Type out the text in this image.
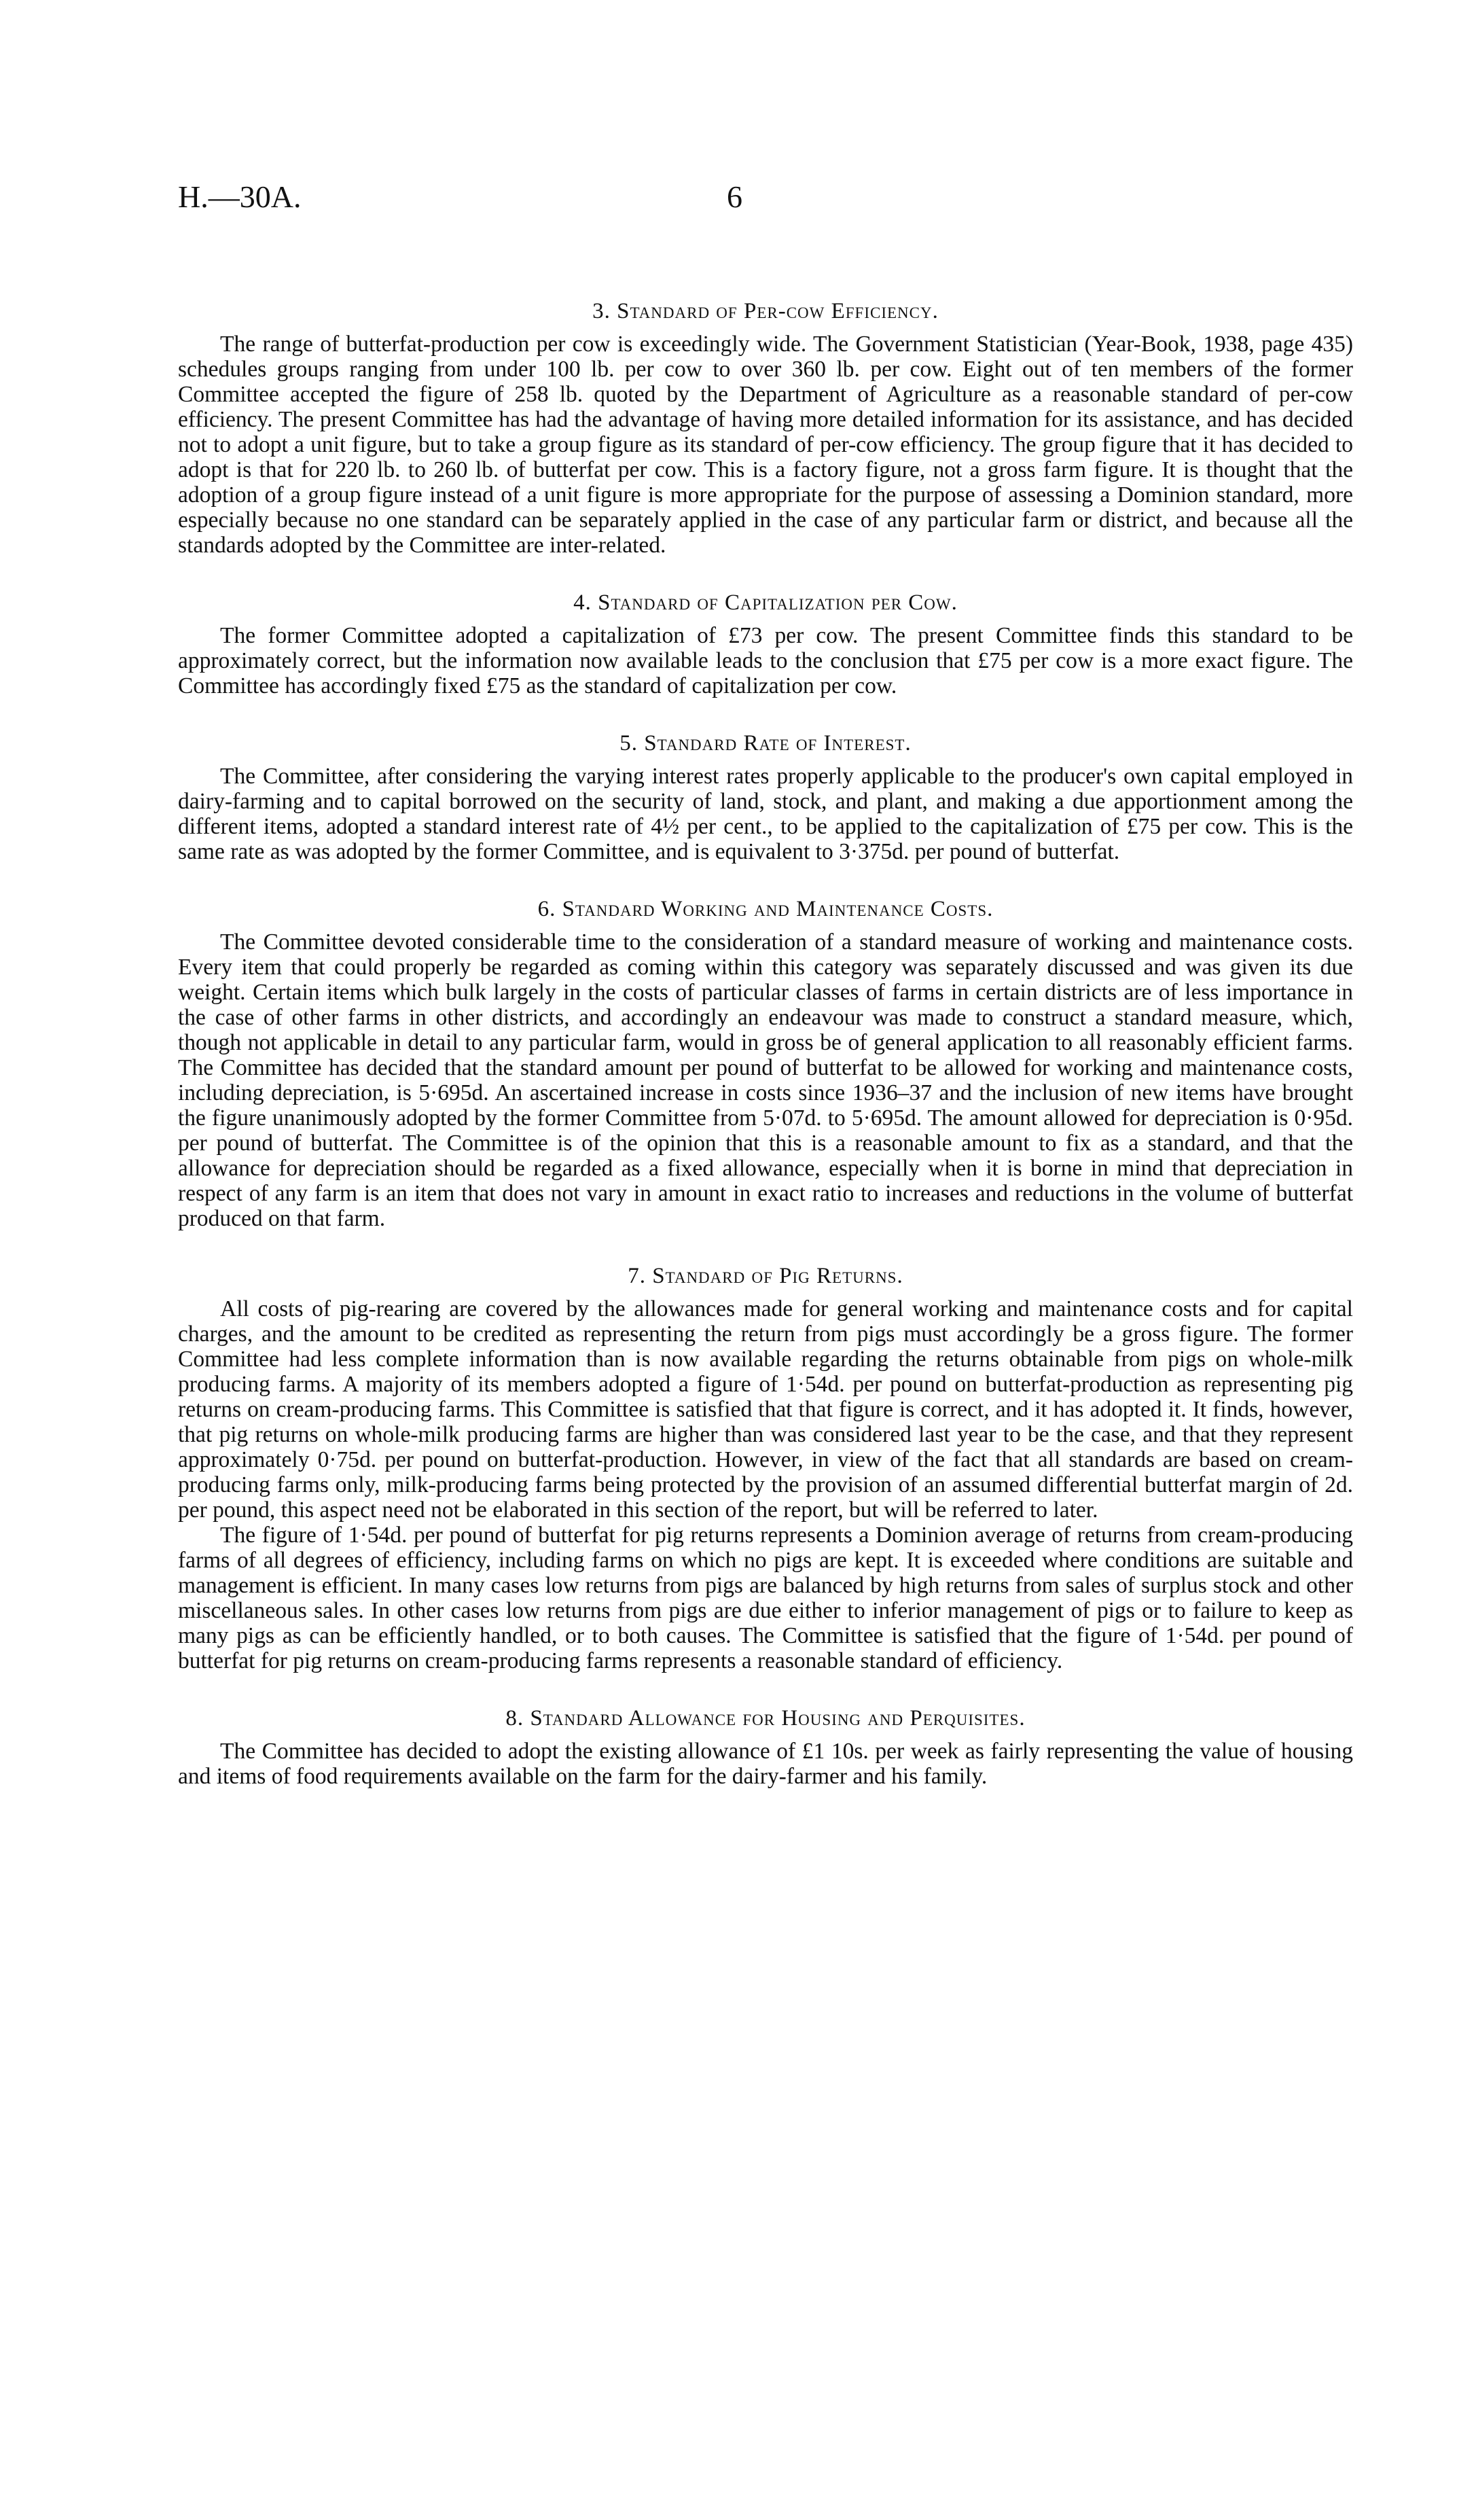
H.—30A.	6
3. Standard of Per-cow Efficiency.

The range of butterfat-production per cow is exceedingly wide. The Government Statistician (Year-Book, 1938, page 435) schedules groups ranging from under 100 lb. per cow to over 360 lb. per cow. Eight out of ten members of the former Committee accepted the figure of 258 lb. quoted by the Department of Agriculture as a reasonable standard of per-cow efficiency. The present Committee has had the advantage of having more detailed information for its assistance, and has decided not to adopt a unit figure, but to take a group figure as its standard of per-cow efficiency. The group figure that it has decided to adopt is that for 220 lb. to 260 lb. of butterfat per cow. This is a factory figure, not a gross farm figure. It is thought that the adoption of a group figure instead of a unit figure is more appropriate for the purpose of assessing a Dominion standard, more especially because no one standard can be separately applied in the case of any particular farm or district, and because all the standards adopted by the Committee are inter-related.

4. Standard of Capitalization per Cow.

The former Committee adopted a capitalization of £73 per cow. The present Committee finds this standard to be approximately correct, but the information now available leads to the conclusion that £75 per cow is a more exact figure. The Committee has accordingly fixed £75 as the standard of capitalization per cow.

5. Standard Rate of Interest.

The Committee, after considering the varying interest rates properly applicable to the producer's own capital employed in dairy-farming and to capital borrowed on the security of land, stock, and plant, and making a due apportionment among the different items, adopted a standard interest rate of 4½ per cent., to be applied to the capitalization of £75 per cow. This is the same rate as was adopted by the former Committee, and is equivalent to 3·375d. per pound of butterfat.

6. Standard Working and Maintenance Costs.

The Committee devoted considerable time to the consideration of a standard measure of working and maintenance costs. Every item that could properly be regarded as coming within this category was separately discussed and was given its due weight. Certain items which bulk largely in the costs of particular classes of farms in certain districts are of less importance in the case of other farms in other districts, and accordingly an endeavour was made to construct a standard measure, which, though not applicable in detail to any particular farm, would in gross be of general application to all reasonably efficient farms. The Committee has decided that the standard amount per pound of butterfat to be allowed for working and maintenance costs, including depreciation, is 5·695d. An ascertained increase in costs since 1936–37 and the inclusion of new items have brought the figure unanimously adopted by the former Committee from 5·07d. to 5·695d. The amount allowed for depreciation is 0·95d. per pound of butterfat. The Committee is of the opinion that this is a reasonable amount to fix as a standard, and that the allowance for depreciation should be regarded as a fixed allowance, especially when it is borne in mind that depreciation in respect of any farm is an item that does not vary in amount in exact ratio to increases and reductions in the volume of butterfat produced on that farm.

7. Standard of Pig Returns.

All costs of pig-rearing are covered by the allowances made for general working and maintenance costs and for capital charges, and the amount to be credited as representing the return from pigs must accordingly be a gross figure. The former Committee had less complete information than is now available regarding the returns obtainable from pigs on whole-milk producing farms. A majority of its members adopted a figure of 1·54d. per pound on butterfat-production as representing pig returns on cream-producing farms. This Committee is satisfied that that figure is correct, and it has adopted it. It finds, however, that pig returns on whole-milk producing farms are higher than was considered last year to be the case, and that they represent approximately 0·75d. per pound on butterfat-production. However, in view of the fact that all standards are based on cream-producing farms only, milk-producing farms being protected by the provision of an assumed differential butterfat margin of 2d. per pound, this aspect need not be elaborated in this section of the report, but will be referred to later.

The figure of 1·54d. per pound of butterfat for pig returns represents a Dominion average of returns from cream-producing farms of all degrees of efficiency, including farms on which no pigs are kept. It is exceeded where conditions are suitable and management is efficient. In many cases low returns from pigs are balanced by high returns from sales of surplus stock and other miscellaneous sales. In other cases low returns from pigs are due either to inferior management of pigs or to failure to keep as many pigs as can be efficiently handled, or to both causes. The Committee is satisfied that the figure of 1·54d. per pound of butterfat for pig returns on cream-producing farms represents a reasonable standard of efficiency.

8. Standard Allowance for Housing and Perquisites.

The Committee has decided to adopt the existing allowance of £1 10s. per week as fairly representing the value of housing and items of food requirements available on the farm for the dairy-farmer and his family.
